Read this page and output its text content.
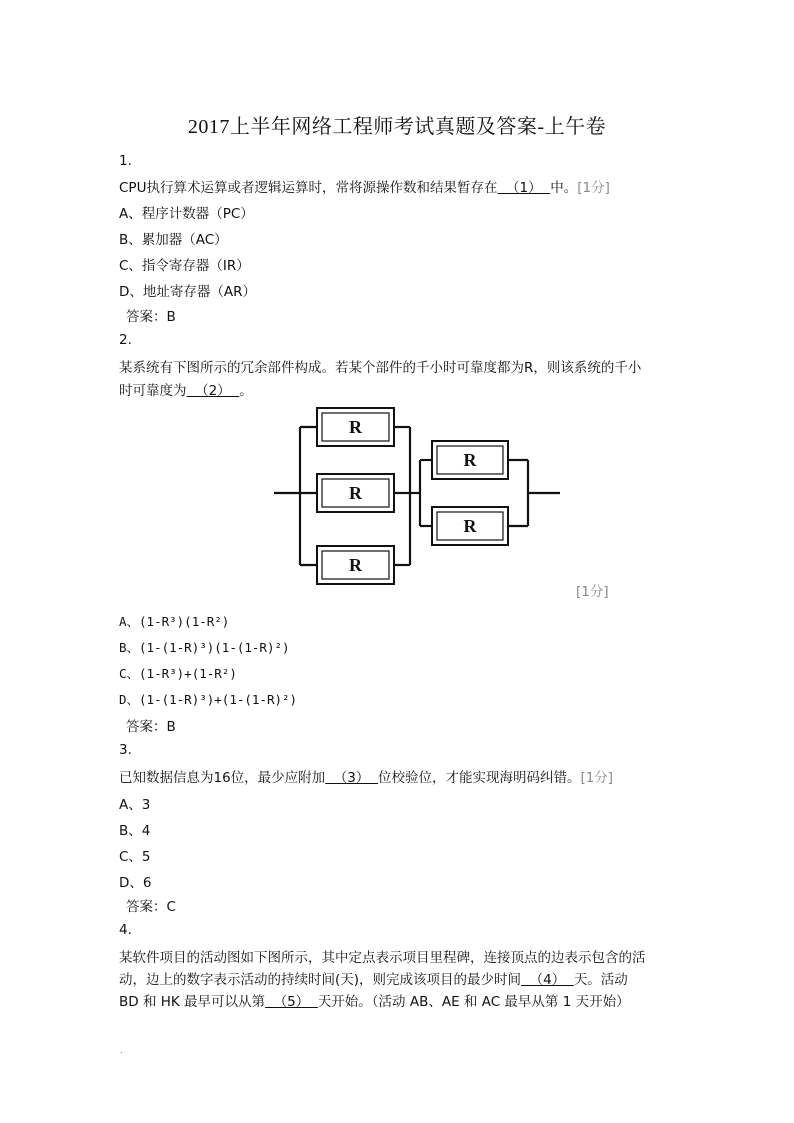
2017上半年网络工程师考试真题及答案-上午卷
1.
CPU执行算术运算或者逻辑运算时，常将源操作数和结果暂存在  （1）  中。[1分]
A、程序计数器（PC）
B、累加器（AC）
C、指令寄存器（IR）
D、地址寄存器（AR）
答案：B
2.
某系统有下图所示的冗余部件构成。若某个部件的千小时可靠度都为R，则该系统的千小
时可靠度为  （2）  。
R
R
R
R
R
[1分]
A、(1-R³)(1-R²)
B、(1-(1-R)³)(1-(1-R)²)
C、(1-R³)+(1-R²)
D、(1-(1-R)³)+(1-(1-R)²)
答案：B
3.
已知数据信息为16位，最少应附加  （3）  位校验位，才能实现海明码纠错。[1分]
A、3
B、4
C、5
D、6
答案：C
4.
某软件项目的活动图如下图所示，其中定点表示项目里程碑，连接顶点的边表示包含的活
动，边上的数字表示活动的持续时间(天)，则完成该项目的最少时间  （4）  天。活动
BD 和 HK 最早可以从第  （5）  天开始。（活动 AB、AE 和 AC 最早从第 1 天开始）
.
